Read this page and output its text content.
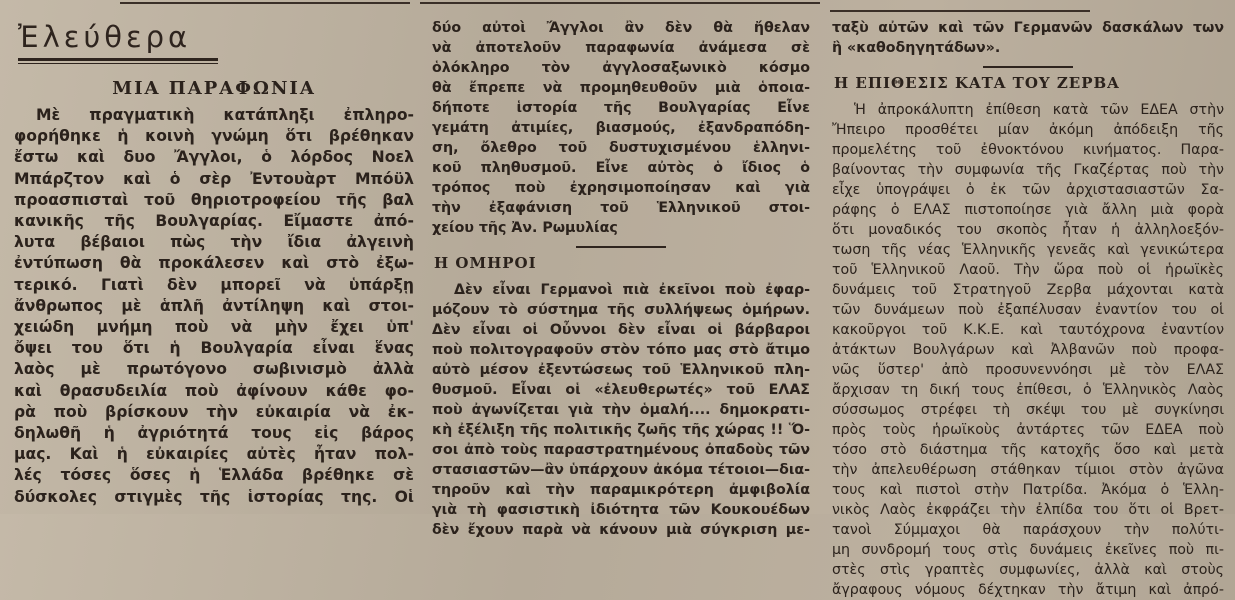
Ἐλεύθερα
ΜΙΑ ΠΑΡΑΦΩΝΙΑ
Μὲ πραγματικὴ κατάπληξι ἐπληρο-
φορήθηκε ἡ κοινὴ γνώμη ὅτι βρέθηκαν
ἔστω καὶ δυο Ἄγγλοι, ὁ λόρδος Νοελ
Μπάρζτον καὶ ὁ σὲρ Ἐντουὰρτ Μπόϋλ
προασπισταὶ τοῦ θηριοτροφείου τῆς βαλ
κανικῆς τῆς Βουλγαρίας. Εἴμαστε ἀπό-
λυτα βέβαιοι πὼς τὴν ἴδια ἀλγεινὴ
ἐντύπωση θὰ προκάλεσεν καὶ στὸ ἐξω-
τερικό. Γιατὶ δὲν μπορεῖ νὰ ὑπάρξῃ
ἄνθρωπος μὲ ἁπλῆ ἀντίληψη καὶ στοι-
χειώδη μνήμη ποὺ νὰ μὴν ἔχει ὑπ'
ὄψει του ὅτι ἡ Βουλγαρία εἶναι ἕνας
λαὸς μὲ πρωτόγονο σωβινισμὸ ἀλλὰ
καὶ θρασυδειλία ποὺ ἀφίνουν κάθε φο-
ρὰ ποὺ βρίσκουν τὴν εὐκαιρία νὰ ἐκ-
δηλωθῆ ἡ ἀγριότητά τους εἰς βάρος
μας. Καὶ ἡ εὐκαιρίες αὐτὲς ἦταν πολ-
λές τόσες ὅσες ἡ Ἑλλάδα βρέθηκε σὲ
δύσκολες στιγμὲς τῆς ἱστορίας της. Οἱ
δύο αὐτοὶ Ἄγγλοι ἂν δὲν θὰ ἤθελαν
νὰ ἀποτελοῦν παραφωνία ἀνάμεσα σὲ
ὁλόκληρο τὸν ἀγγλοσαξωνικὸ κόσμο
θὰ ἔπρεπε νὰ προμηθευθοῦν μιὰ ὁποια-
δήποτε ἱστορία τῆς Βουλγαρίας Εἶνε
γεμάτη ἀτιμίες, βιασμούς, ἐξανδραπόδη-
ση, ὄλεθρο τοῦ δυστυχισμένου ἑλληνι-
κοῦ πληθυσμοῦ. Εἶνε αὐτὸς ὁ ἴδιος ὁ
τρόπος ποὺ ἐχρησιμοποίησαν καὶ γιὰ
τὴν ἐξαφάνιση τοῦ Ἑλληνικοῦ στοι-
χείου τῆς Ἀν. Ρωμυλίας
Η ΟΜΗΡΟΙ
Δὲν εἶναι Γερμανοὶ πιὰ ἐκεῖνοι ποὺ ἐφαρ-
μόζουν τὸ σύστημα τῆς συλλήψεως ὁμήρων.
Δὲν εἶναι οἱ Οὖννοι δὲν εἶναι οἱ βάρβαροι
ποὺ πολιτογραφοῦν στὸν τόπο μας στὸ ἄτιμο
αὐτὸ μέσον ἐξεντώσεως τοῦ Ἑλληνικοῦ πλη-
θυσμοῦ. Εἶναι οἱ «ἐλευθερωτές» τοῦ ΕΛΑΣ
ποὺ ἀγωνίζεται γιὰ τὴν ὁμαλή.... δημοκρατι-
κὴ ἐξέλιξη τῆς πολιτικῆς ζωῆς τῆς χώρας !! Ὅ-
σοι ἀπὸ τοὺς παραστρατημένους ὀπαδοὺς τῶν
στασιαστῶν—ἂν ὑπάρχουν ἀκόμα τέτοιοι—δια-
τηροῦν καὶ τὴν παραμικρότερη ἀμφιβολία
γιὰ τὴ φασιστικὴ ἰδιότητα τῶν Κουκουέδων
δὲν ἔχουν παρὰ νὰ κάνουν μιὰ σύγκριση με-
ταξὺ αὐτῶν καὶ τῶν Γερμανῶν δασκάλων των
ἢ «καθοδηγητάδων».
Η ΕΠΙΘΕΣΙΣ ΚΑΤΑ ΤΟΥ ΖΕΡΒΑ
Ἡ ἀπροκάλυπτη ἐπίθεση κατὰ τῶν ΕΔΕΑ στὴν
Ἤπειρο προσθέτει μίαν ἀκόμη ἀπόδειξη τῆς
προμελέτης τοῦ ἐθνοκτόνου κινήματος. Παρα-
βαίνοντας τὴν συμφωνία τῆς Γκαζέρτας ποὺ τὴν
εἶχε ὑπογράψει ὁ ἐκ τῶν ἀρχιστασιαστῶν Σα-
ράφης ὁ ΕΛΑΣ πιστοποίησε γιὰ ἄλλη μιὰ φορὰ
ὅτι μοναδικός του σκοπὸς ἦταν ἡ ἀλληλοεξόν-
τωση τῆς νέας Ἑλληνικῆς γενεᾶς καὶ γενικώτερα
τοῦ Ἑλληνικοῦ Λαοῦ. Τὴν ὥρα ποὺ οἱ ἡρωϊκὲς
δυνάμεις τοῦ Στρατηγοῦ Ζερβα μάχονται κατὰ
τῶν δυνάμεων ποὺ ἐξαπέλυσαν ἐναντίον του οἱ
κακοῦργοι τοῦ Κ.Κ.Ε. καὶ ταυτόχρονα ἐναντίον
ἀτάκτων Βουλγάρων καὶ Ἀλβανῶν ποὺ προφα-
νῶς ὕστερ' ἀπὸ προσυνεννόησι μὲ τὸν ΕΛΑΣ
ἄρχισαν τη δική τους ἐπίθεσι, ὁ Ἑλληνικὸς Λαὸς
σύσσωμος στρέφει τὴ σκέψι του μὲ συγκίνησι
πρὸς τοὺς ἡρωϊκοὺς ἀντάρτες τῶν ΕΔΕΑ ποὺ
τόσο στὸ διάστημα τῆς κατοχῆς ὅσο καὶ μετὰ
τὴν ἀπελευθέρωση στάθηκαν τίμιοι στὸν ἀγῶνα
τους καὶ πιστοὶ στὴν Πατρίδα. Ἀκόμα ὁ Ἑλλη-
νικὸς Λαὸς ἐκφράζει τὴν ἐλπίδα του ὅτι οἱ Βρετ-
τανοὶ Σύμμαχοι θὰ παράσχουν τὴν πολύτι-
μη συνδρομή τους στὶς δυνάμεις ἐκεῖνες ποὺ πι-
στὲς στὶς γραπτὲς συμφωνίες, ἀλλὰ καὶ στοὺς
ἄγραφους νόμους δέχτηκαν τὴν ἄτιμη καὶ ἀπρό-
